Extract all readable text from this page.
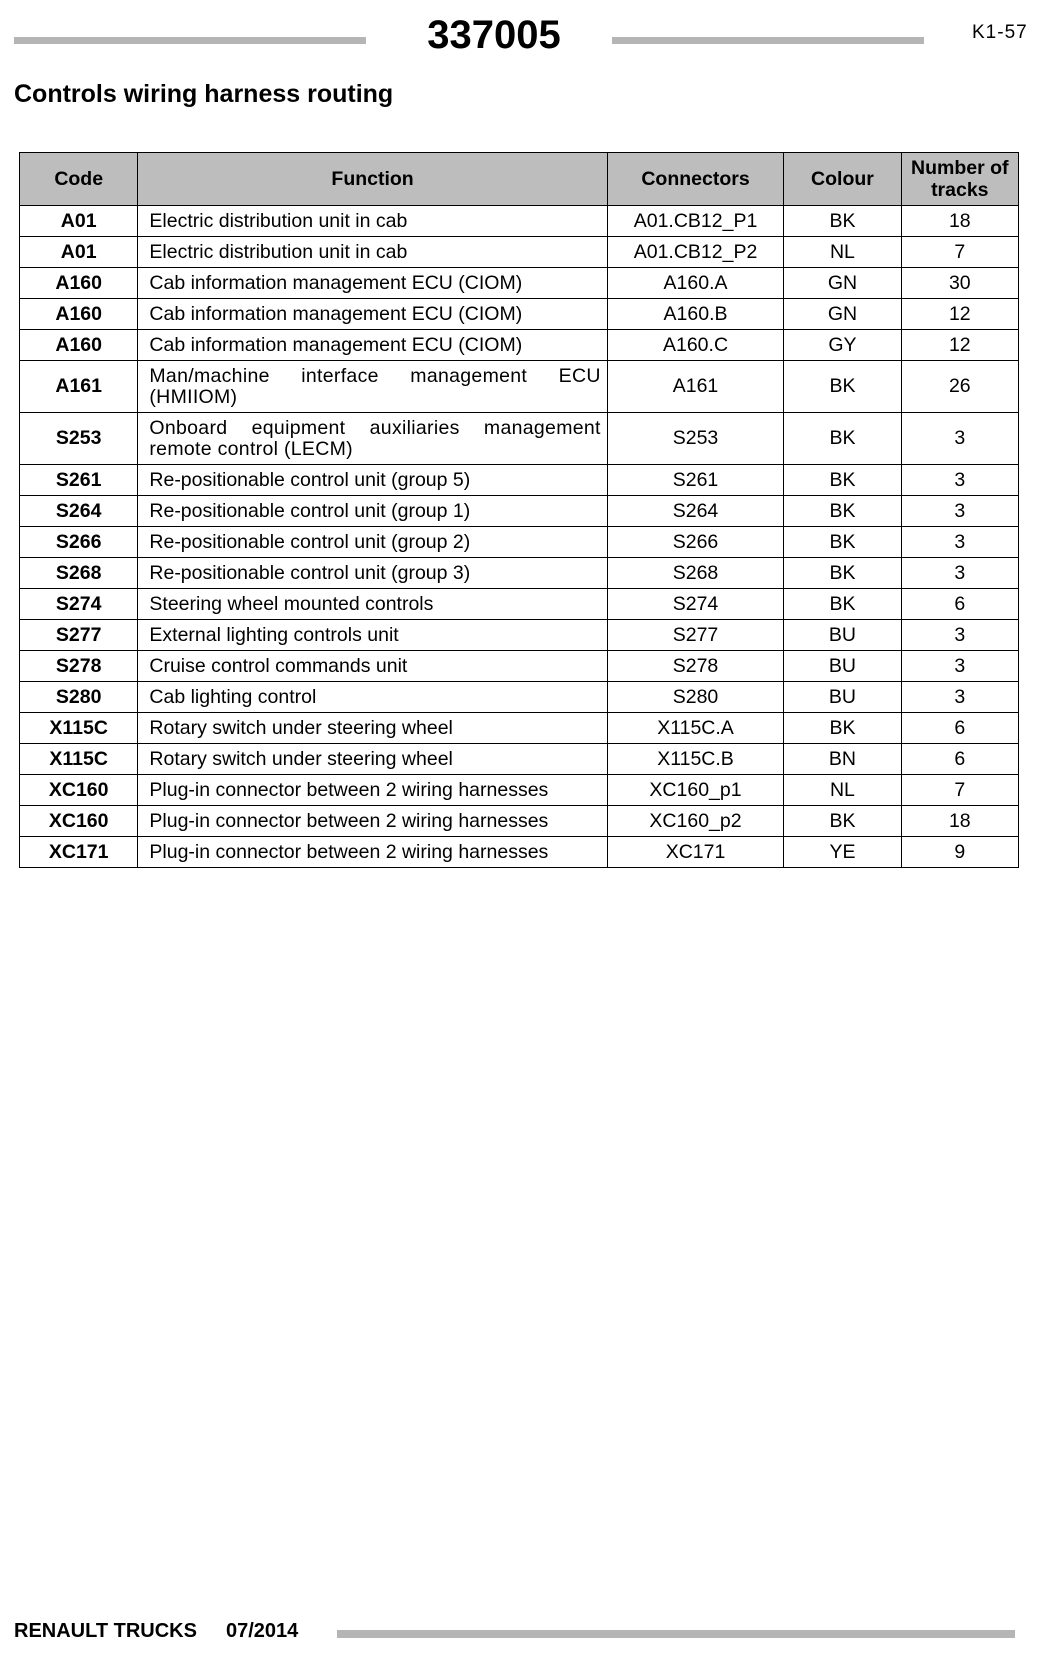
337005	K1-57
Controls wiring harness routing
Code	Function	Connectors	Colour	Number of tracks
A01	Electric distribution unit in cab	A01.CB12_P1	BK	18
A01	Electric distribution unit in cab	A01.CB12_P2	NL	7
A160	Cab information management ECU (CIOM)	A160.A	GN	30
A160	Cab information management ECU (CIOM)	A160.B	GN	12
A160	Cab information management ECU (CIOM)	A160.C	GY	12
A161	Man/machine interface management ECU (HMIIOM)	A161	BK	26
S253	Onboard equipment auxiliaries management remote control (LECM)	S253	BK	3
S261	Re-positionable control unit (group 5)	S261	BK	3
S264	Re-positionable control unit (group 1)	S264	BK	3
S266	Re-positionable control unit (group 2)	S266	BK	3
S268	Re-positionable control unit (group 3)	S268	BK	3
S274	Steering wheel mounted controls	S274	BK	6
S277	External lighting controls unit	S277	BU	3
S278	Cruise control commands unit	S278	BU	3
S280	Cab lighting control	S280	BU	3
X115C	Rotary switch under steering wheel	X115C.A	BK	6
X115C	Rotary switch under steering wheel	X115C.B	BN	6
XC160	Plug-in connector between 2 wiring harnesses	XC160_p1	NL	7
XC160	Plug-in connector between 2 wiring harnesses	XC160_p2	BK	18
XC171	Plug-in connector between 2 wiring harnesses	XC171	YE	9
RENAULT TRUCKS 07/2014
